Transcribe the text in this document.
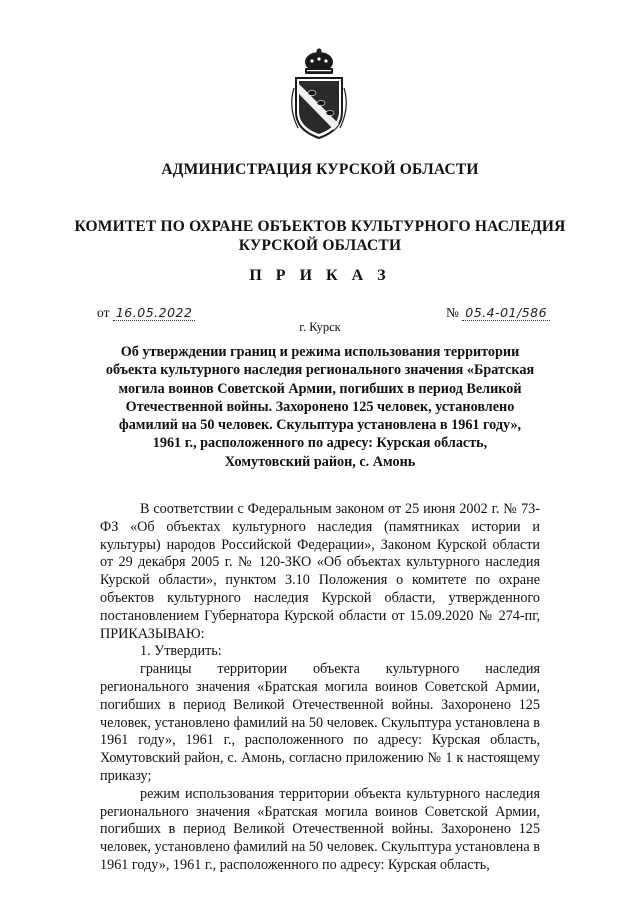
АДМИНИСТРАЦИЯ КУРСКОЙ ОБЛАСТИ
КОМИТЕТ ПО ОХРАНЕ ОБЪЕКТОВ КУЛЬТУРНОГО НАСЛЕДИЯ
КУРСКОЙ ОБЛАСТИ
П Р И К А З
от 16.05.2022	№ 05.4-01/586
г. Курск
Об утверждении границ и режима использования территории
объекта культурного наследия регионального значения «Братская
могила воинов Советской Армии, погибших в период Великой
Отечественной войны. Захоронено 125 человек, установлено
фамилий на 50 человек. Скульптура установлена в 1961 году»,
1961 г., расположенного по адресу: Курская область,
Хомутовский район, с. Амонь

В соответствии с Федеральным законом от 25 июня 2002 г. № 73-ФЗ «Об объектах культурного наследия (памятниках истории и культуры) народов Российской Федерации», Законом Курской области от 29 декабря 2005 г. № 120-ЗКО «Об объектах культурного наследия Курской области», пунктом 3.10 Положения о комитете по охране объектов культурного наследия Курской области, утвержденного постановлением Губернатора Курской области от 15.09.2020 № 274-пг, ПРИКАЗЫВАЮ:

1. Утвердить:

границы территории объекта культурного наследия регионального значения «Братская могила воинов Советской Армии, погибших в период Великой Отечественной войны. Захоронено 125 человек, установлено фамилий на 50 человек. Скульптура установлена в 1961 году», 1961 г., расположенного по адресу: Курская область, Хомутовский район, с. Амонь, согласно приложению № 1 к настоящему приказу;

режим использования территории объекта культурного наследия регионального значения «Братская могила воинов Советской Армии, погибших в период Великой Отечественной войны. Захоронено 125 человек, установлено фамилий на 50 человек. Скульптура установлена в 1961 году», 1961 г., расположенного по адресу: Курская область,
